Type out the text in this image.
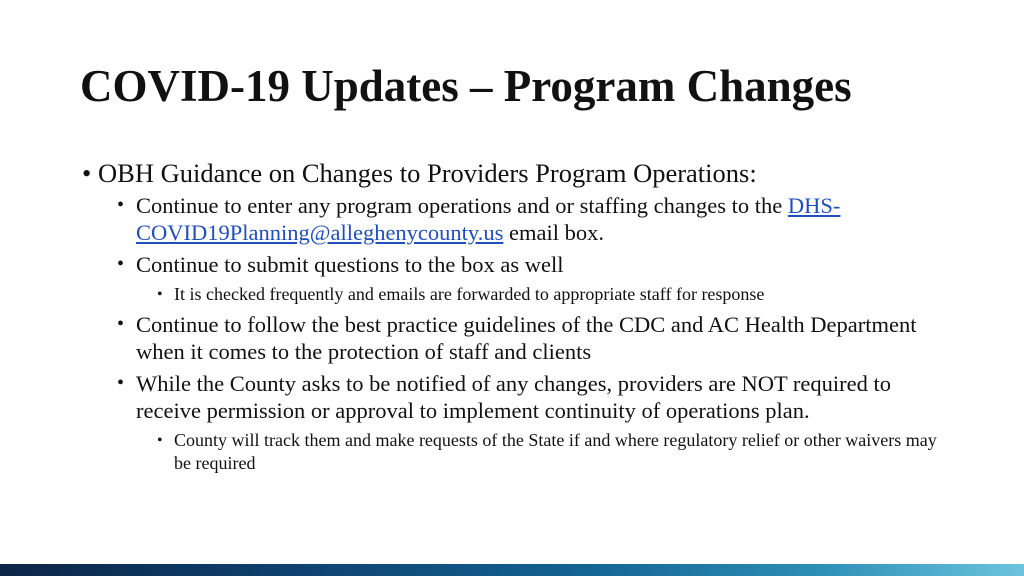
COVID-19 Updates – Program Changes

• OBH Guidance on Changes to Providers Program Operations:

• Continue to enter any program operations and or staffing changes to the DHS-COVID19Planning@alleghenycounty.us email box.

• Continue to submit questions to the box as well

• It is checked frequently and emails are forwarded to appropriate staff for response

• Continue to follow the best practice guidelines of the CDC and AC Health Department when it comes to the protection of staff and clients

• While the County asks to be notified of any changes, providers are NOT required to receive permission or approval to implement continuity of operations plan.

• County will track them and make requests of the State if and where regulatory relief or other waivers may be required
